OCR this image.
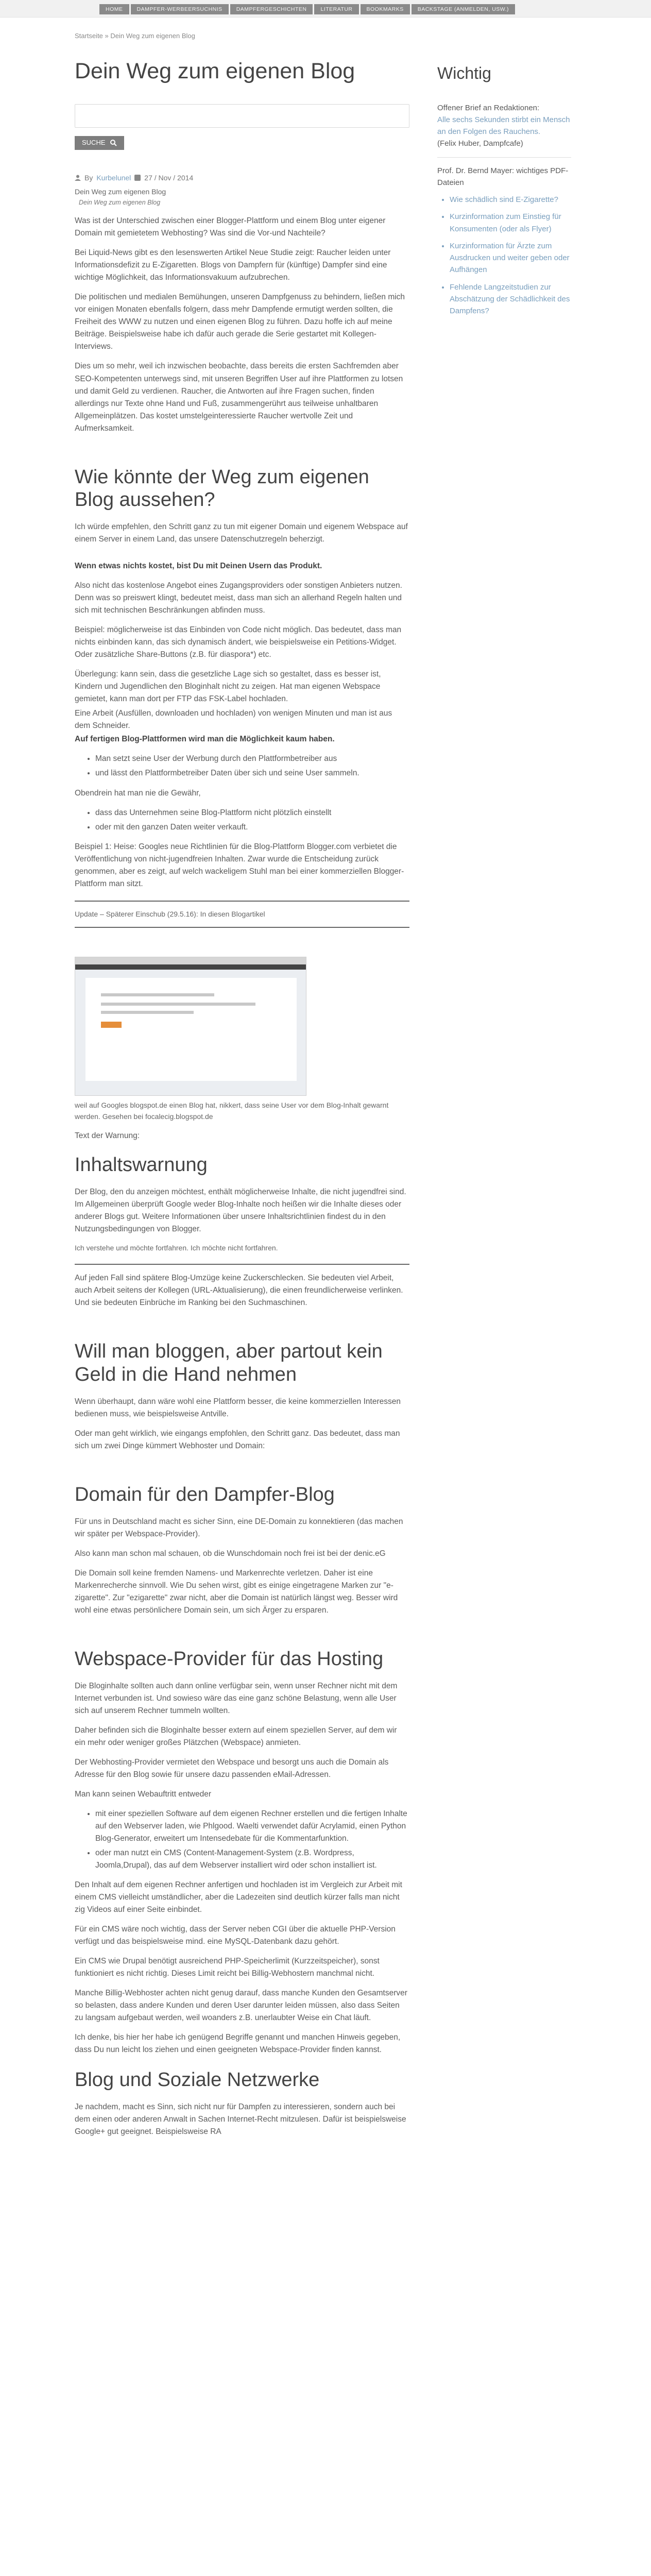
HOME	DAMPFER-WERBEERSUCHNIS	DAMPFERGESCHICHTEN	LITERATUR	BOOKMARKS	BACKSTAGE (ANMELDEN, USW.)
Startseite » Dein Weg zum eigenen Blog
Dein Weg zum eigenen Blog
SUCHE
By Kurbelunel 27 / Nov / 2014
Dein Weg zum eigenen Blog
Dein Weg zum eigenen Blog

Was ist der Unterschied zwischen einer Blogger-Plattform und einem Blog unter eigener Domain mit gemietetem Webhosting? Was sind die Vor-und Nachteile?

Bei Liquid-News gibt es den lesenswerten Artikel Neue Studie zeigt: Raucher leiden unter Informationsdefizit zu E-Zigaretten. Blogs von Dampfern für (künftige) Dampfer sind eine wichtige Möglichkeit, das Informationsvakuum aufzubrechen.

Die politischen und medialen Bemühungen, unseren Dampfgenuss zu behindern, ließen mich vor einigen Monaten ebenfalls folgern, dass mehr Dampfende ermutigt werden sollten, die Freiheit des WWW zu nutzen und einen eigenen Blog zu führen. Dazu hoffe ich auf meine Beiträge. Beispielsweise habe ich dafür auch gerade die Serie gestartet mit Kollegen-Interviews.

Dies um so mehr, weil ich inzwischen beobachte, dass bereits die ersten Sachfremden aber SEO-Kompetenten unterwegs sind, mit unseren Begriffen User auf ihre Plattformen zu lotsen und damit Geld zu verdienen. Raucher, die Antworten auf ihre Fragen suchen, finden allerdings nur Texte ohne Hand und Fuß, zusammengerührt aus teilweise unhaltbaren Allgemeinplätzen. Das kostet umstelgeinteressierte Raucher wertvolle Zeit und Aufmerksamkeit.

Wie könnte der Weg zum eigenen Blog aussehen?

Ich würde empfehlen, den Schritt ganz zu tun mit eigener Domain und eigenem Webspace auf einem Server in einem Land, das unsere Datenschutzregeln beherzigt.

Wenn etwas nichts kostet, bist Du mit Deinen Usern das Produkt.

Also nicht das kostenlose Angebot eines Zugangsproviders oder sonstigen Anbieters nutzen. Denn was so preiswert klingt, bedeutet meist, dass man sich an allerhand Regeln halten und sich mit technischen Beschränkungen abfinden muss.

Beispiel: möglicherweise ist das Einbinden von Code nicht möglich. Das bedeutet, dass man nichts einbinden kann, das sich dynamisch ändert, wie beispielsweise ein Petitions-Widget. Oder zusätzliche Share-Buttons (z.B. für diaspora*) etc.

Überlegung: kann sein, dass die gesetzliche Lage sich so gestaltet, dass es besser ist, Kindern und Jugendlichen den Bloginhalt nicht zu zeigen. Hat man eigenen Webspace gemietet, kann man dort per FTP das FSK-Label hochladen.

Eine Arbeit (Ausfüllen, downloaden und hochladen) von wenigen Minuten und man ist aus dem Schneider.

Auf fertigen Blog-Plattformen wird man die Möglichkeit kaum haben.

• Man setzt seine User der Werbung durch den Plattformbetreiber aus
• und lässt den Plattformbetreiber Daten über sich und seine User sammeln.

Obendrein hat man nie die Gewähr,

• dass das Unternehmen seine Blog-Plattform nicht plötzlich einstellt
• oder mit den ganzen Daten weiter verkauft.

Beispiel 1: Heise: Googles neue Richtlinien für die Blog-Plattform Blogger.com verbietet die Veröffentlichung von nicht-jugendfreien Inhalten. Zwar wurde die Entscheidung zurück genommen, aber es zeigt, auf welch wackeligem Stuhl man bei einer kommerziellen Blogger-Plattform man sitzt.

Update – Späterer Einschub (29.5.16): In diesen Blogartikel

weil auf Googles blogspot.de einen Blog hat, nikkert, dass seine User vor dem Blog-Inhalt gewarnt werden. Gesehen bei focalecig.blogspot.de

Text der Warnung:

Inhaltswarnung

Der Blog, den du anzeigen möchtest, enthält möglicherweise Inhalte, die nicht jugendfrei sind. Im Allgemeinen überprüft Google weder Blog-Inhalte noch heißen wir die Inhalte dieses oder anderer Blogs gut. Weitere Informationen über unsere Inhaltsrichtlinien findest du in den Nutzungsbedingungen von Blogger.

Ich verstehe und möchte fortfahren. Ich möchte nicht fortfahren.

Auf jeden Fall sind spätere Blog-Umzüge keine Zuckerschlecken. Sie bedeuten viel Arbeit, auch Arbeit seitens der Kollegen (URL-Aktualisierung), die einen freundlicherweise verlinken. Und sie bedeuten Einbrüche im Ranking bei den Suchmaschinen.

Will man bloggen, aber partout kein Geld in die Hand nehmen

Wenn überhaupt, dann wäre wohl eine Plattform besser, die keine kommerziellen Interessen bedienen muss, wie beispielsweise Antville.

Oder man geht wirklich, wie eingangs empfohlen, den Schritt ganz. Das bedeutet, dass man sich um zwei Dinge kümmert Webhoster und Domain:

Domain für den Dampfer-Blog

Für uns in Deutschland macht es sicher Sinn, eine DE-Domain zu konnektieren (das machen wir später per Webspace-Provider).

Also kann man schon mal schauen, ob die Wunschdomain noch frei ist bei der denic.eG

Die Domain soll keine fremden Namens- und Markenrechte verletzen. Daher ist eine Markenrecherche sinnvoll. Wie Du sehen wirst, gibt es einige eingetragene Marken zur "e-zigarette". Zur "ezigarette" zwar nicht, aber die Domain ist natürlich längst weg. Besser wird wohl eine etwas persönlichere Domain sein, um sich Ärger zu ersparen.

Webspace-Provider für das Hosting

Die Bloginhalte sollten auch dann online verfügbar sein, wenn unser Rechner nicht mit dem Internet verbunden ist. Und sowieso wäre das eine ganz schöne Belastung, wenn alle User sich auf unserem Rechner tummeln wollten.

Daher befinden sich die Bloginhalte besser extern auf einem speziellen Server, auf dem wir ein mehr oder weniger großes Plätzchen (Webspace) anmieten.

Der Webhosting-Provider vermietet den Webspace und besorgt uns auch die Domain als Adresse für den Blog sowie für unsere dazu passenden eMail-Adressen.

Man kann seinen Webauftritt entweder

• mit einer speziellen Software auf dem eigenen Rechner erstellen und die fertigen Inhalte auf den Webserver laden, wie Phlgood. Waelti verwendet dafür Acrylamid, einen Python Blog-Generator, erweitert um Intensedebate für die Kommentarfunktion.
• oder man nutzt ein CMS (Content-Management-System (z.B. Wordpress, Joomla,Drupal), das auf dem Webserver installiert wird oder schon installiert ist.

Den Inhalt auf dem eigenen Rechner anfertigen und hochladen ist im Vergleich zur Arbeit mit einem CMS vielleicht umständlicher, aber die Ladezeiten sind deutlich kürzer falls man nicht zig Videos auf einer Seite einbindet.

Für ein CMS wäre noch wichtig, dass der Server neben CGI über die aktuelle PHP-Version verfügt und das beispielsweise mind. eine MySQL-Datenbank dazu gehört.

Ein CMS wie Drupal benötigt ausreichend PHP-Speicherlimit (Kurzzeitspeicher), sonst funktioniert es nicht richtig. Dieses Limit reicht bei Billig-Webhostern manchmal nicht.

Manche Billig-Webhoster achten nicht genug darauf, dass manche Kunden den Gesamtserver so belasten, dass andere Kunden und deren User darunter leiden müssen, also dass Seiten zu langsam aufgebaut werden, weil woanders z.B. unerlaubter Weise ein Chat läuft.

Ich denke, bis hier her habe ich genügend Begriffe genannt und manchen Hinweis gegeben, dass Du nun leicht los ziehen und einen geeigneten Webspace-Provider finden kannst.

Blog und Soziale Netzwerke

Je nachdem, macht es Sinn, sich nicht nur für Dampfen zu interessieren, sondern auch bei dem einen oder anderen Anwalt in Sachen Internet-Recht mitzulesen. Dafür ist beispielsweise Google+ gut geeignet. Beispielsweise RA

Wichtig

Offener Brief an Redaktionen:

Alle sechs Sekunden stirbt ein Mensch an den Folgen des Rauchens.

(Felix Huber, Dampfcafe)

Prof. Dr. Bernd Mayer: wichtiges PDF-Dateien

• Wie schädlich sind E-Zigarette?
• Kurzinformation zum Einstieg für Konsumenten (oder als Flyer)
• Kurzinformation für Ärzte zum Ausdrucken und weiter geben oder Aufhängen
• Fehlende Langzeitstudien zur Abschätzung der Schädlichkeit des Dampfens?
